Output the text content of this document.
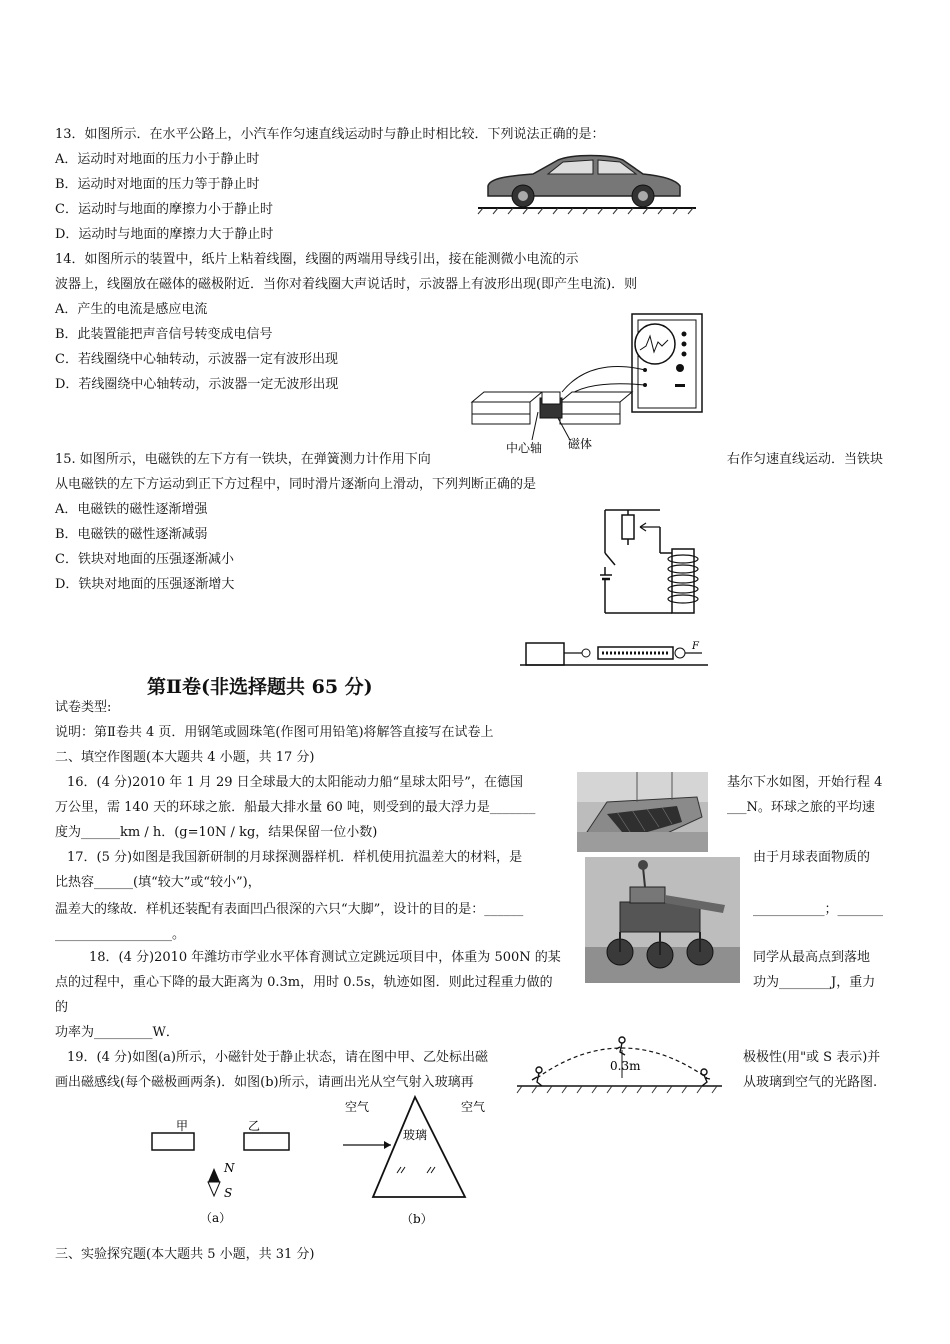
13．如图所示．在水平公路上，小汽车作匀速直线运动时与静止时相比较．下列说法正确的是：
A．运动时对地面的压力小于静止时
B．运动时对地面的压力等于静止时
C．运动时与地面的摩擦力小于静止时
D．运动时与地面的摩擦力大于静止时
14．如图所示的装置中，纸片上粘着线圈，线圈的两端用导线引出，接在能测微小电流的示
波器上，线圈放在磁体的磁极附近．当你对着线圈大声说话时，示波器上有波形出现(即产生电流)．则
A．产生的电流是感应电流
B．此装置能把声音信号转变成电信号
C．若线圈绕中心轴转动，示波器一定有波形出现
D．若线圈绕中心轴转动，示波器一定无波形出现
中心轴 磁体
15. 如图所示，电磁铁的左下方有一铁块，在弹簧测力计作用下向	右作匀速直线运动．当铁块
从电磁铁的左下方运动到正下方过程中，同时滑片逐渐向上滑动，下列判断正确的是
A．电磁铁的磁性逐渐增强
B．电磁铁的磁性逐渐减弱
C．铁块对地面的压强逐渐减小
D．铁块对地面的压强逐渐增大
F
第Ⅱ卷(非选择题共 65 分)
试卷类型:
说明：第Ⅱ卷共 4 页．用钢笔或圆珠笔(作图可用铅笔)将解答直接写在试卷上
二、填空作图题(本大题共 4 小题，共 17 分)
16．(4 分)2010 年 1 月 29 日全球最大的太阳能动力船“星球太阳号”，在德国	基尔下水如图，开始行程 4
万公里，需 140 天的环球之旅．船最大排水量 60 吨，则受到的最大浮力是_______	___N。环球之旅的平均速
度为______km / h．(g=10N / kg，结果保留一位小数)
17．(5 分)如图是我国新研制的月球探测器样机．样机使用抗温差大的材料，是	由于月球表面物质的
比热容______(填“较大”或“较小”)，
温差大的缘故．样机还装配有表面凹凸很深的六只“大脚”，设计的目的是：______	___________；_______
__________________。
18．(4 分)2010 年潍坊市学业水平体育测试立定跳远项目中，体重为 500N 的某	同学从最高点到落地
点的过程中，重心下降的最大距离为 0.3m，用时 0.5s，轨迹如图．则此过程重力做的	功为________J，重力
的
功率为_________W．
0.3m
19．(4 分)如图(a)所示，小磁针处于静止状态，请在图中甲、乙处标出磁	极极性(用"或 S 表示)并
画出磁感线(每个磁极画两条)．如图(b)所示，请画出光从空气射入玻璃再	从玻璃到空气的光路图.
甲	乙
N
S
（a）
空气	空气
玻璃
（b）
三、实验探究题(本大题共 5 小题，共 31 分)
